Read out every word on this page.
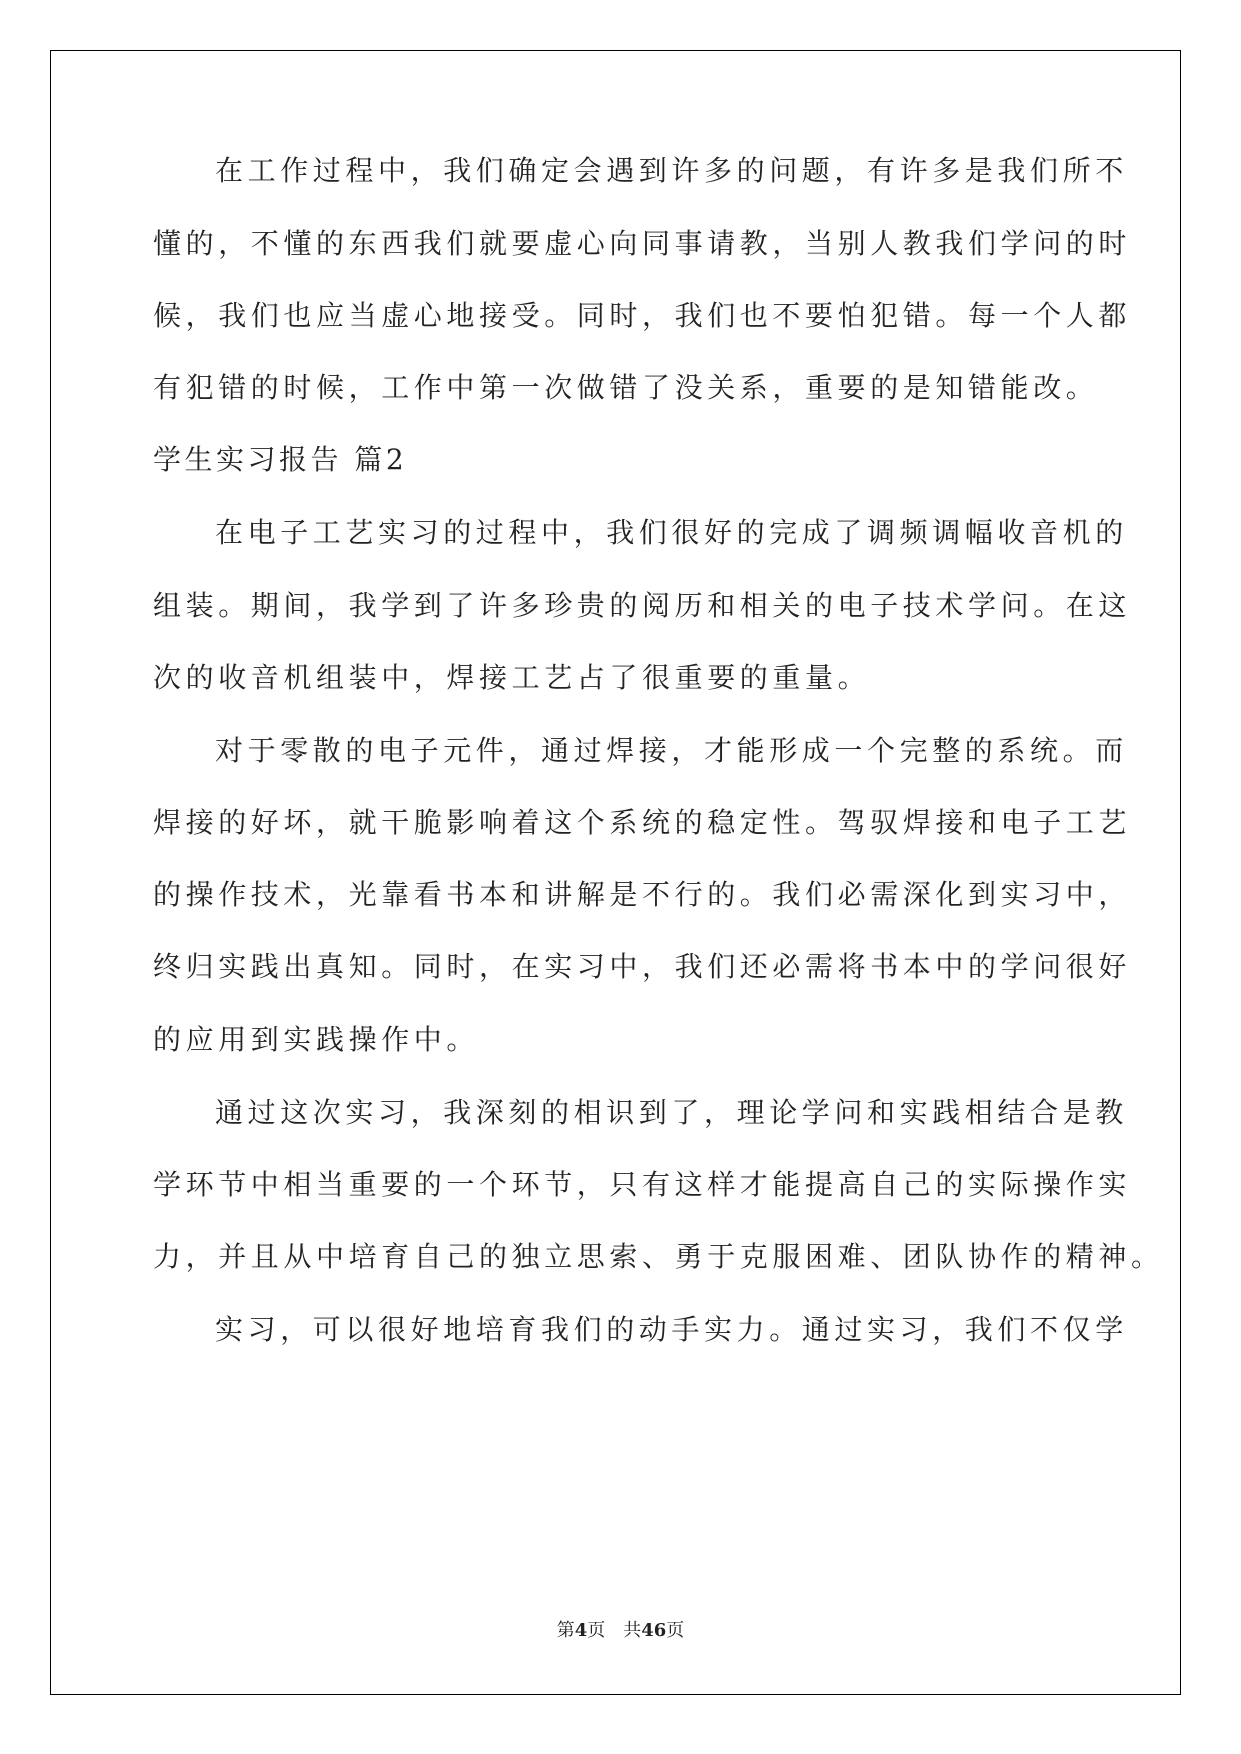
在工作过程中，我们确定会遇到许多的问题，有许多是我们所不

懂的，不懂的东西我们就要虚心向同事请教，当别人教我们学问的时

候，我们也应当虚心地接受。同时，我们也不要怕犯错。每一个人都

有犯错的时候，工作中第一次做错了没关系，重要的是知错能改。

学生实习报告 篇2

在电子工艺实习的过程中，我们很好的完成了调频调幅收音机的

组装。期间，我学到了许多珍贵的阅历和相关的电子技术学问。在这

次的收音机组装中，焊接工艺占了很重要的重量。

对于零散的电子元件，通过焊接，才能形成一个完整的系统。而

焊接的好坏，就干脆影响着这个系统的稳定性。驾驭焊接和电子工艺

的操作技术，光靠看书本和讲解是不行的。我们必需深化到实习中，

终归实践出真知。同时，在实习中，我们还必需将书本中的学问很好

的应用到实践操作中。

通过这次实习，我深刻的相识到了，理论学问和实践相结合是教

学环节中相当重要的一个环节，只有这样才能提高自己的实际操作实

力，并且从中培育自己的独立思索、勇于克服困难、团队协作的精神。

实习，可以很好地培育我们的动手实力。通过实习，我们不仅学

第4页　共46页
